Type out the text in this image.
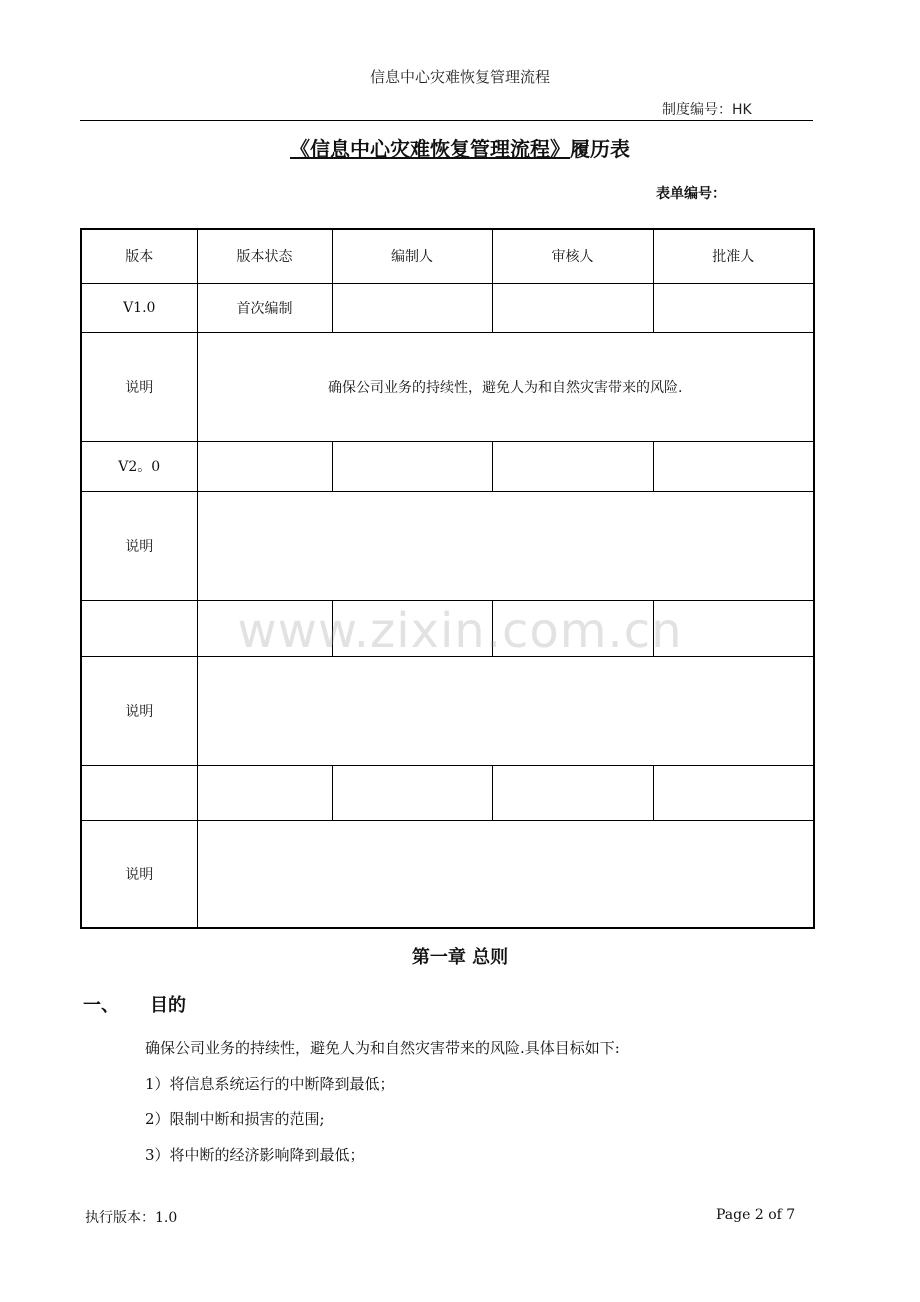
信息中心灾难恢复管理流程
制度编号：HK
《信息中心灾难恢复管理流程》履历表
表单编号：
版本	版本状态	编制人	审核人	批准人
V1.0	首次编制			
说明	确保公司业务的持续性，避免人为和自然灾害带来的风险.			
V2。0				
说明				

说明				

说明				
www.zixin.com.cn
第一章 总则
一、 目的
确保公司业务的持续性，避免人为和自然灾害带来的风险.具体目标如下:
1）将信息系统运行的中断降到最低；
2）限制中断和损害的范围;
3）将中断的经济影响降到最低；
执行版本：1.0	Page 2 of 7
